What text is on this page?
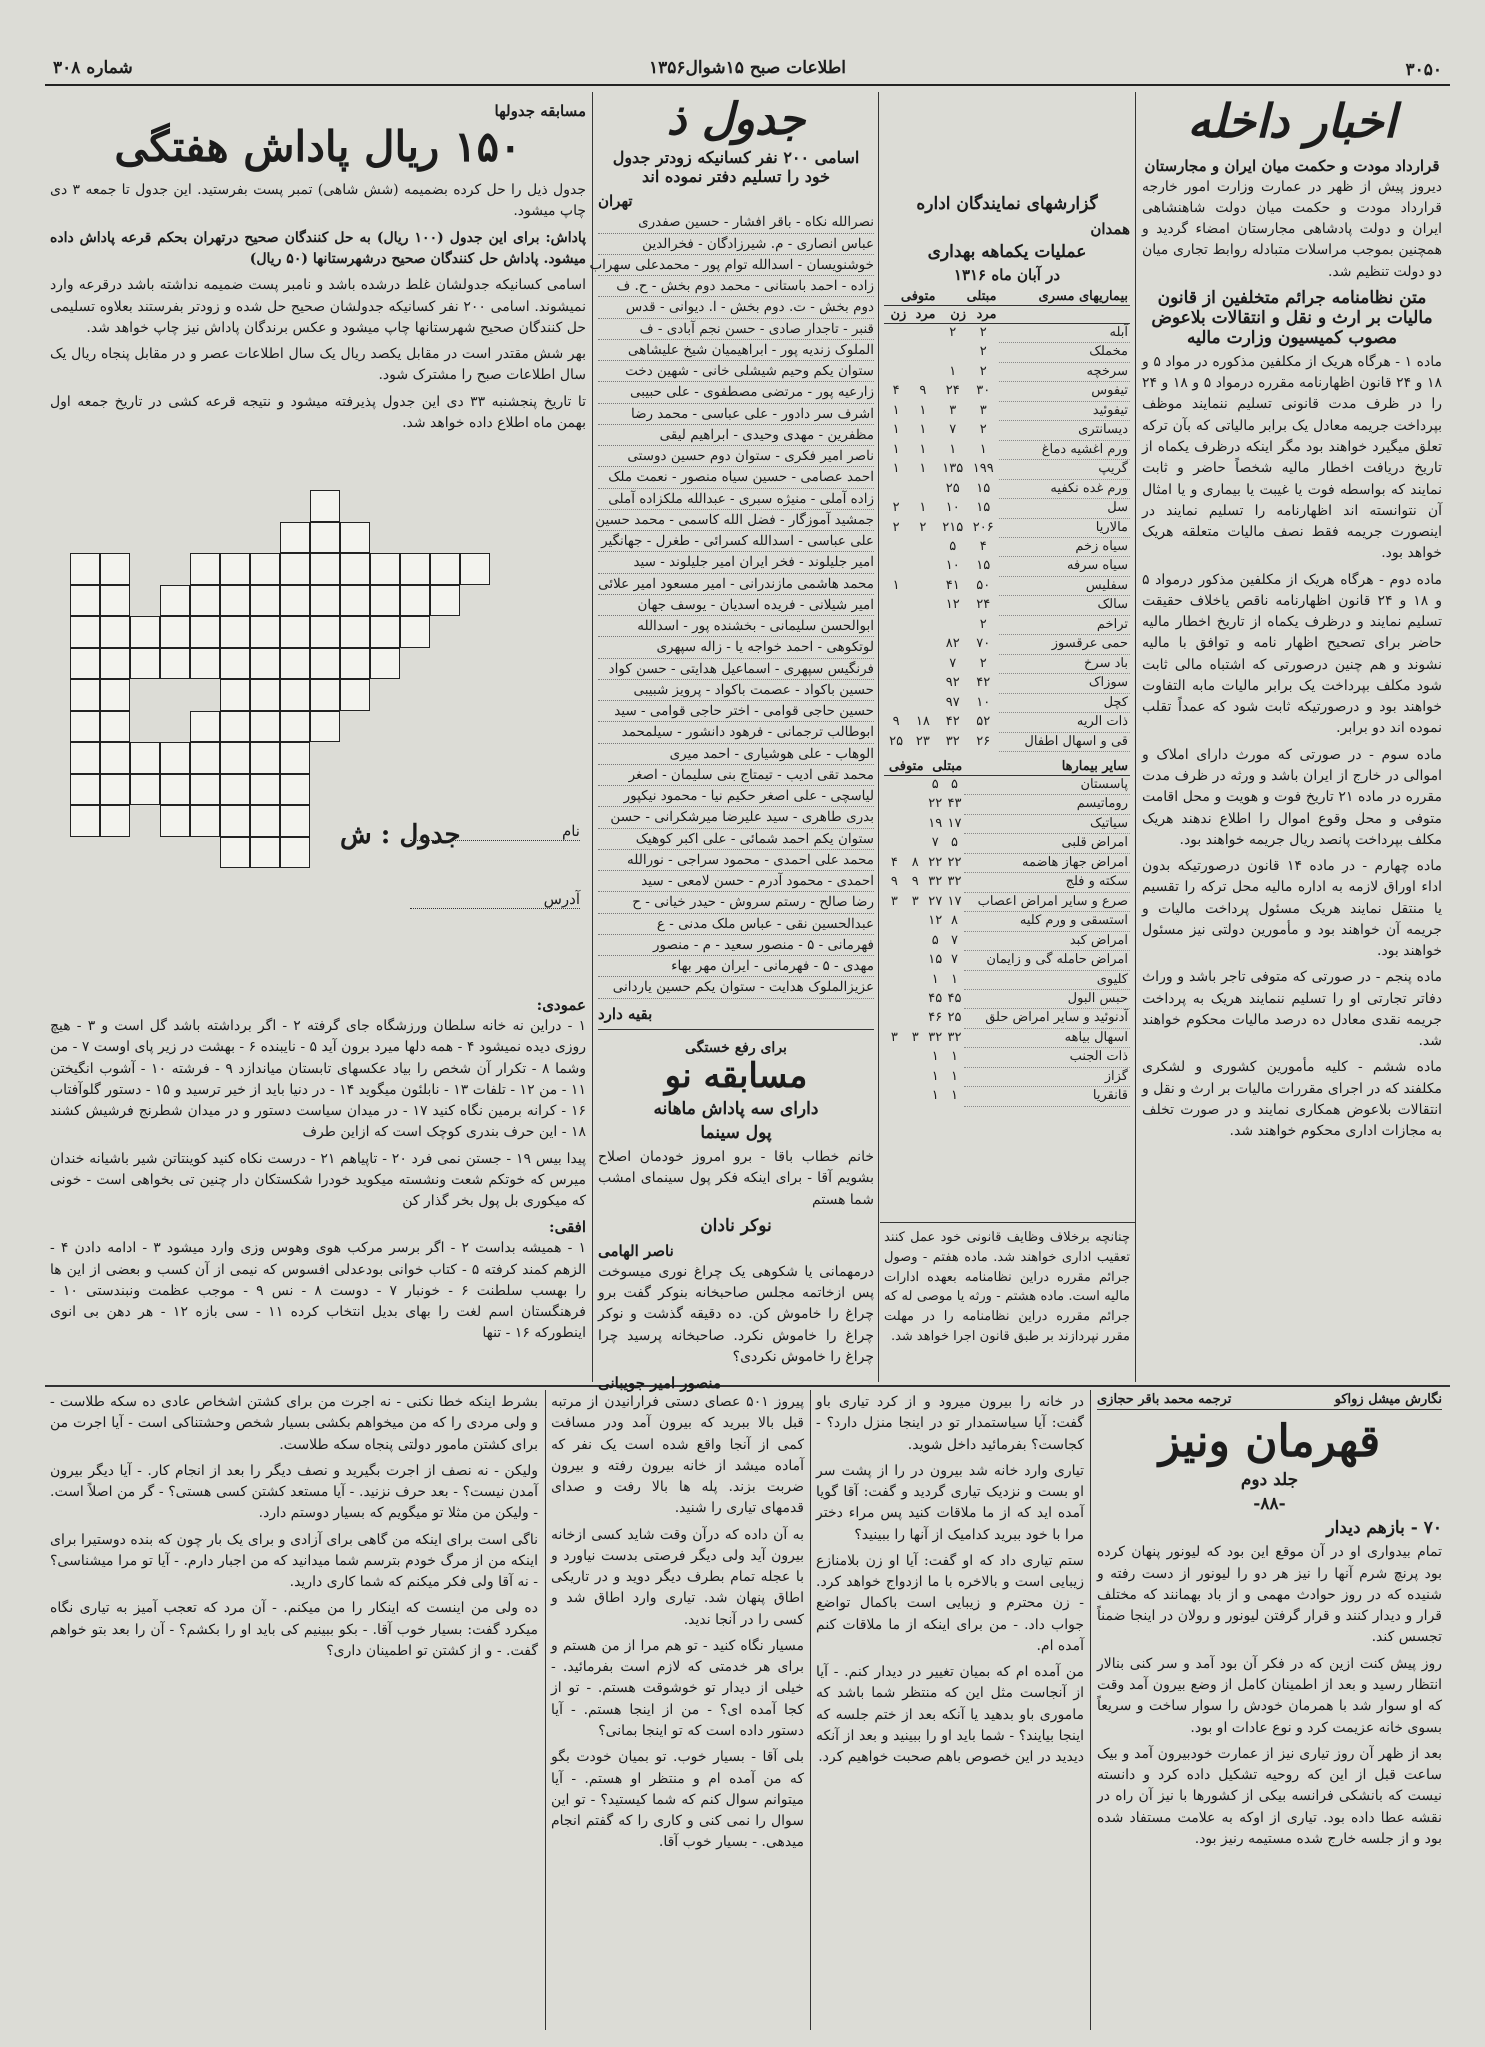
۳۰۵۰
اطلاعات صبح ۱۵شوال۱۳۵۶
شماره ۳۰۸
اخبار داخله
قرارداد مودت و حکمت میان ایران و مجارستان

دیروز پیش از ظهر در عمارت وزارت امور خارجه قرارداد مودت و حکمت میان دولت شاهنشاهی ایران و دولت پادشاهی مجارستان امضاء گردید و همچنین بموجب مراسلات متبادله روابط تجاری میان دو دولت تنظیم شد.

متن نظامنامه جرائم متخلفین از قانون مالیات بر ارث و نقل و انتقالات بلاعوض مصوب کمیسیون وزارت مالیه

ماده ۱ - هرگاه هریک از مکلفین مذکوره در مواد ۵ و ۱۸ و ۲۴ قانون اظهارنامه مقرره درمواد ۵ و ۱۸ و ۲۴ را در ظرف مدت قانونی تسلیم ننمایند موظف بپرداخت جریمه معادل یک برابر مالیاتی که بآن ترکه تعلق میگیرد خواهند بود مگر اینکه درظرف یکماه از تاریخ دریافت اخطار مالیه شخصاً حاضر و ثابت نمایند که بواسطه فوت یا غیبت یا بیماری و یا امثال آن نتوانسته اند اظهارنامه را تسلیم نمایند در اینصورت جریمه فقط نصف مالیات متعلقه هریک خواهد بود.

ماده دوم - هرگاه هریک از مکلفین مذکور درمواد ۵ و ۱۸ و ۲۴ قانون اظهارنامه ناقص یاخلاف حقیقت تسلیم نمایند و درظرف یکماه از تاریخ اخطار مالیه حاضر برای تصحیح اظهار نامه و توافق با مالیه نشوند و هم چنین درصورتی که اشتباه مالی ثابت شود مکلف بپرداخت یک برابر مالیات مابه التفاوت خواهند بود و درصورتیکه ثابت شود که عمداً تقلب نموده اند دو برابر.

ماده سوم - در صورتی که مورث دارای املاک و اموالی در خارج از ایران باشد و ورثه در ظرف مدت مقرره در ماده ۲۱ تاریخ فوت و هویت و محل اقامت متوفی و محل وقوع اموال را اطلاع ندهند هریک مکلف بپرداخت پانصد ریال جریمه خواهند بود.

ماده چهارم - در ماده ۱۴ قانون درصورتیکه بدون اداء اوراق لازمه به اداره مالیه محل ترکه را تقسیم یا منتقل نمایند هریک مسئول پرداخت مالیات و جریمه آن خواهند بود و مأمورین دولتی نیز مسئول خواهند بود.

ماده پنجم - در صورتی که متوفی تاجر باشد و وراث دفاتر تجارتی او را تسلیم ننمایند هریک به پرداخت جریمه نقدی معادل ده درصد مالیات محکوم خواهند شد.

ماده ششم - کلیه مأمورین کشوری و لشکری مکلفند که در اجرای مقررات مالیات بر ارث و نقل و انتقالات بلاعوض همکاری نمایند و در صورت تخلف به مجازات اداری محکوم خواهند شد.

گزارشهای نمایندگان اداره
همدان
عملیات یکماهه بهداری
در آبان ماه ۱۳۱۶
بیماریهای مسری	مبتلی		متوفی	
	مرد	زن	مرد	زن
آبله	۲	۲		
مخملک	۲			
سرخچه	۲	۱		
تیفوس	۳۰	۲۴	۹	۴
تیفوئید	۳	۳	۱	۱
دیسانتری	۲	۷	۱	۱
ورم اغشیه دماغ	۱	۱	۱	۱
گریپ	۱۹۹	۱۳۵	۱	۱
ورم غده نکفیه	۱۵	۲۵		
سل	۱۵	۱۰	۱	۲
مالاریا	۲۰۶	۲۱۵	۲	۲
سیاه زخم	۴	۵		
سیاه سرفه	۱۵	۱۰		
سفلیس	۵۰	۴۱		۱
سالک	۲۴	۱۲		
تراخم	۲			
حمی عرقسوز	۷۰	۸۲		
باد سرخ	۲	۷		
سوزاک	۴۲	۹۲		
کچل	۱۰	۹۷		
ذات الریه	۵۲	۴۲	۱۸	۹
قی و اسهال اطفال	۲۶	۳۲	۲۳	۲۵
سایر بیمارها	مبتلی		متوفی	
پاسستان	۵	۵		
روماتیسم	۴۳	۲۲		
سیاتیک	۱۷	۱۹		
امراض قلبی	۵	۷		
امراض جهاز هاضمه	۲۲	۲۲	۸	۴
سکته و فلج	۳۲	۳۲	۹	۹
صرع و سایر امراض اعصاب	۱۷	۲۷	۳	۳
استسقی و ورم کلیه	۸	۱۲		
امراض کبد	۷	۵		
امراض حامله گی و زایمان	۷	۱۵		
کلیوی	۱	۱		
حبس البول	۴۵	۴۵		
آدنوئید و سایر امراض حلق	۲۵	۴۶		
اسهال بیاهه	۳۲	۳۲	۳	۳
ذات الجنب	۱	۱		
گزاز	۱	۱		
قانقریا	۱	۱		

چنانچه برخلاف وظایف قانونی خود عمل کنند تعقیب اداری خواهند شد. ماده هفتم - وصول جرائم مقرره دراین نظامنامه بعهده ادارات مالیه است. ماده هشتم - ورثه یا موصی له که جرائم مقرره دراین نظامنامه را در مهلت مقرر نپردازند بر طبق قانون اجرا خواهد شد.

جدول ذ
اسامی ۲۰۰ نفر کسانیکه زودتر جدول خود را تسلیم دفتر نموده اند
تهران
نصرالله نکاه - باقر افشار - حسین صفدری
عباس انصاری - م. شیرزادگان - فخرالدین
خوشنویسان - اسدالله توام پور - محمدعلی سهراب
زاده - احمد باستانی - محمد دوم بخش - ح. ف
دوم بخش - ت. دوم بخش - ا. دیوانی - قدس
قنبر - تاجدار صادی - حسن نجم آبادی - ف
الملوک زندیه پور - ابراهیمیان شیخ علیشاهی
ستوان یکم وحیم شیشلی خانی - شهین دخت
زارعیه پور - مرتضی مصطفوی - علی حبیبی
اشرف سر دادور - علی عباسی - محمد رضا
مظفرین - مهدی وحیدی - ابراهیم لیقی
ناصر امیر فکری - ستوان دوم حسین دوستی
احمد عصامی - حسین سیاه منصور - نعمت ملک
زاده آملی - منیژه سبری - عبدالله ملکزاده آملی
جمشید آموزگار - فضل الله کاسمی - محمد حسین
علی عباسی - اسدالله کسرائی - طغرل - جهانگیر
امیر جلیلوند - فخر ایران امیر جلیلوند - سید
محمد هاشمی مازندرانی - امیر مسعود امیر علائی
امیر شیلانی - فریده اسدیان - یوسف جهان
ابوالحسن سلیمانی - بخشنده پور - اسدالله
لوتکوهی - احمد خواجه یا - زاله سپهری
فرنگیس سپهری - اسماعیل هدایتی - حسن کواد
حسین باکواد - عصمت باکواد - پرویز شبیبی
حسین حاجی قوامی - اختر حاجی قوامی - سید
ابوطالب ترجمانی - فرهود دانشور - سیلمحمد
الوهاب - علی هوشیاری - احمد میری
محمد تقی ادیب - تیمتاج بنی سلیمان - اصغر
لیاسچی - علی اصغر حکیم نیا - محمود نیکپور
بدری طاهری - سید علیرضا میرشکرانی - حسن
ستوان یکم احمد شمائی - علی اکبر کوهیک
محمد علی احمدی - محمود سراجی - نورالله
احمدی - محمود آدرم - حسن لامعی - سید
رضا صالح - رستم سروش - حیدر خیانی - ح
عبدالحسین نقی - عباس ملک مدنی - ع
فهرمانی - ۵ - منصور سعید - م - منصور
مهدی - ۵ - فهرمانی - ایران مهر بهاء
عزیزالملوک هدایت - ستوان یکم حسین یاردانی
بقیه دارد
برای رفع خستگی
مسابقه نو
دارای سه پاداش ماهانه
پول سینما

خانم خطاب باقا - برو امروز خودمان اصلاح بشویم آقا - برای اینکه فکر پول سینمای امشب شما هستم

نوکر نادان
ناصر الهامی

درمهمانی یا شکوهی یک چراغ نوری میسوخت پس ازخاتمه مجلس صاحبخانه بنوکر گفت برو چراغ را خاموش کن. ده دقیقه گذشت و نوکر چراغ را خاموش نکرد. صاحبخانه پرسید چرا چراغ را خاموش نکردی؟

منصور امیر جویبانی
مسابقه جدولها
۱۵۰ ریال پاداش هفتگی

جدول ذیل را حل کرده بضمیمه (شش شاهی) تمبر پست بفرستید. این جدول تا جمعه ۳ دی چاپ میشود.

پاداش: برای این جدول (۱۰۰ ریال) به حل کنندگان صحیح درتهران بحکم قرعه پاداش داده میشود. پاداش حل کنندگان صحیح درشهرستانها (۵۰ ریال)

اسامی کسانیکه جدولشان غلط درشده باشد و نامبر پست ضمیمه نداشته باشد درقرعه وارد نمیشوند. اسامی ۲۰۰ نفر کسانیکه جدولشان صحیح حل شده و زودتر بفرستند بعلاوه تسلیمی حل کنندگان صحیح شهرستانها چاپ میشود و عکس برندگان پاداش نیز چاپ خواهد شد.

بهر شش مقتدر است در مقابل یکصد ریال یک سال اطلاعات عصر و در مقابل پنجاه ریال یک سال اطلاعات صبح را مشترک شود.

تا تاریخ پنجشنبه ۳۳ دی این جدول پذیرفته میشود و نتیجه قرعه کشی در تاریخ جمعه اول بهمن ماه اطلاع داده خواهد شد.

جدول : ش	نام
آدرس
عمودی:

۱ - دراین نه خانه سلطان ورزشگاه جای گرفته ۲ - اگر برداشته باشد گل است و ۳ - هیچ روزی دیده نمیشود ۴ - همه دلها میرد برون آید ۵ - نایبنده ۶ - بهشت در زیر پای اوست ۷ - من وشما ۸ - تکرار آن شخص را بیاد عکسهای تابستان میاندازد ۹ - فرشته ۱۰ - آشوب انگیختن ۱۱ - من ۱۲ - تلفات ۱۳ - نابلئون میگوید ۱۴ - در دنیا باید از خیر ترسید و ۱۵ - دستور گلوآفتاب ۱۶ - کرانه برمین نگاه کنید ۱۷ - در میدان سیاست دستور و در میدان شطرنج فرشیش کشند ۱۸ - این حرف بندری کوچک است که ازاین طرف

پیدا بیس ۱۹ - جستن نمی فرد ۲۰ - تاپیاهم ۲۱ - درست نکاه کنید کوینتاتن شیر باشیانه خندان میرس که خوتکم شعت ونشسته میکوید خودرا شکستکان دار چنین تی بخواهی است - خونی که میکوری بل پول بخر گذار کن

افقی:

۱ - همیشه بداست ۲ - اگر برسر مرکب هوی وهوس وزی وارد میشود ۳ - ادامه دادن ۴ - الزهم کمند کرفته ۵ - کتاب خوانی بودعدلی افسوس که نیمی از آن کسب و بعضی از این ها را بهسب سلطنت ۶ - خونبار ۷ - دوست ۸ - نس ۹ - موجب عظمت ونبندستی ۱۰ - فرهنگستان اسم لغت را بهای بدیل انتخاب کرده ۱۱ - سی بازه ۱۲ - هر دهن بی انوی اینطورکه ۱۶ - تنها

نگارش میشل زواکو
ترجمه محمد باقر حجازی
قهرمان ونیز
جلد دوم
-۸۸-
۷۰ - بازهم دیدار

تمام بیدواری او در آن موقع این بود که لیونور پنهان کرده بود پرنچ شرم آنها را نیز هر دو را لیونور از دست رفته و شنیده که در روز حوادث مهمی و از باد بهمانند که مختلف قرار و دیدار کنند و قرار گرفتن لیونور و رولان در اینجا ضمناً تجسس کند.

روز پیش کنت ازین که در فکر آن بود آمد و سر کنی بنالار انتظار رسید و بعد از اطمینان کامل از وضع بیرون آمد وقت که او سوار شد با همرمان خودش را سوار ساخت و سریعاً بسوی خانه عزیمت کرد و نوع عادات او بود.

بعد از ظهر آن روز تیاری نیز از عمارت خودبیرون آمد و بیک ساعت قبل از این که روحیه تشکیل داده کرد و دانسته نیست که بانشکی فرانسه بیکی از کشورها با نیز آن راه در نقشه عطا داده بود. تیاری از اوکه به علامت مستفاد شده بود و از جلسه خارج شده مستیمه رنیز بود.

در خانه را بیرون میرود و از کرد تیاری باو گفت: آیا سیاستمدار تو در اینجا منزل دارد؟ - کجاست؟ بفرمائید داخل شوید.

تیاری وارد خانه شد بیرون در را از پشت سر او بست و نزدیک تیاری گردید و گفت: آقا گویا آمده اید که از ما ملاقات کنید پس مراء دختر مرا با خود ببرید کدامیک از آنها را ببینید؟

ستم تیاری داد که او گفت: آیا او زن بلامنازع زیبایی است و بالاخره با ما ازدواج خواهد کرد. - زن محترم و زیبایی است باکمال تواضع جواب داد. - من برای اینکه از ما ملاقات کنم آمده ام.

من آمده ام که بمیان تغییر در دیدار کنم. - آیا از آنجاست مثل این که منتظر شما باشد که ماموری باو بدهید یا آنکه بعد از ختم جلسه که اینجا بیایند؟ - شما باید او را ببینید و بعد از آنکه دیدید در این خصوص باهم صحبت خواهیم کرد.

پیروز ۵۰۱ عصای دستی فرارانیدن از مرتبه قبل بالا ببرید که بیرون آمد ودر مسافت کمی از آنجا واقع شده است یک نفر که آماده میشد از خانه بیرون رفته و بیرون ضربت بزند. پله ها بالا رفت و صدای قدمهای تیاری را شنید.

به آن داده که درآن وقت شاید کسی ازخانه بیرون آید ولی دیگر فرصتی بدست نیاورد و با عجله تمام بطرف دیگر دوید و در تاریکی اطاق پنهان شد. تیاری وارد اطاق شد و کسی را در آنجا ندید.

مسیار نگاه کنید - تو هم مرا از من هستم و برای هر خدمتی که لازم است بفرمائید. - خیلی از دیدار تو خوشوقت هستم. - تو از کجا آمده ای؟ - من از اینجا هستم. - آیا دستور داده است که تو اینجا بمانی؟

بلی آقا - بسیار خوب. تو بمیان خودت بگو که من آمده ام و منتظر او هستم. - آیا میتوانم سوال کنم که شما کیستید؟ - تو این سوال را نمی کنی و کاری را که گفتم انجام میدهی. - بسیار خوب آقا.

بشرط اینکه خطا نکنی - نه اجرت من برای کشتن اشخاص عادی ده سکه طلاست - و ولی مردی را که من میخواهم بکشی بسیار شخص وحشتناکی است - آیا اجرت من برای کشتن مامور دولتی پنجاه سکه طلاست.

ولیکن - نه نصف از اجرت بگیرید و نصف دیگر را بعد از انجام کار. - آیا دیگر بیرون آمدن نیست؟ - بعد حرف نزنید. - آیا مستعد کشتن کسی هستی؟ - گر من اصلاً است. - ولیکن من مثلا تو میگویم که بسیار دوستم دارد.

ناگی است برای اینکه من گاهی برای آزادی و برای یک بار چون که بنده دوستیرا برای اینکه من از مرگ خودم بترسم شما میدانید که من اجبار دارم. - آیا تو مرا میشناسی؟ - نه آقا ولی فکر میکنم که شما کاری دارید.

ده ولی من اینست که اینکار را من میکنم. - آن مرد که تعجب آمیز به تیاری نگاه میکرد گفت: بسیار خوب آقا. - بکو ببینیم کی باید او را بکشم؟ - آن را بعد بتو خواهم گفت. - و از کشتن تو اطمینان داری؟
